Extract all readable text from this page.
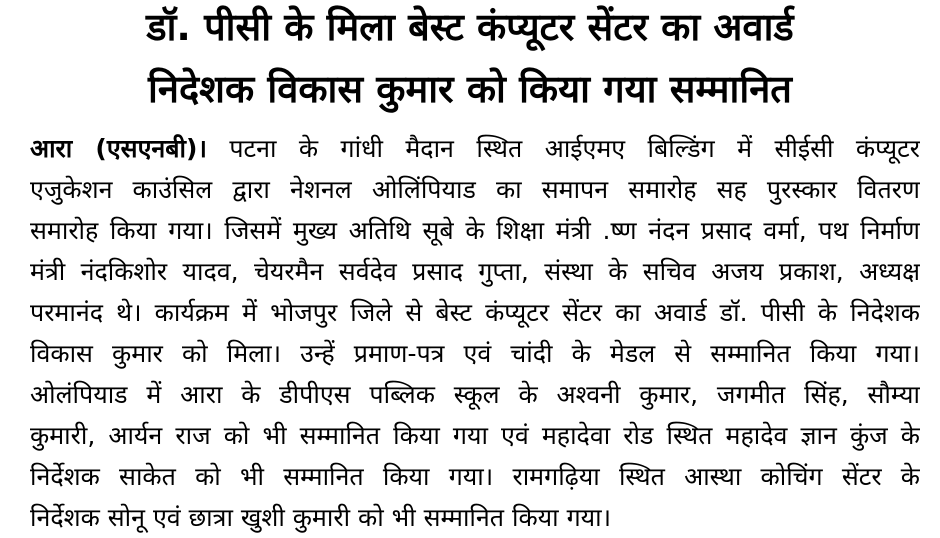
डॉ. पीसी के मिला बेस्ट कंप्यूटर सेंटर का अवार्ड
निदेशक विकास कुमार को किया गया सम्मानित
आरा (एसएनबी)। पटना के गांधी मैदान स्थित आईएमए बिल्डिंग में सीईसी कंप्यूटर
एजुकेशन काउंसिल द्वारा नेशनल ओलिंपियाड का समापन समारोह सह पुरस्कार वितरण
समारोह किया गया। जिसमें मुख्य अतिथि सूबे के शिक्षा मंत्री .ष्ण नंदन प्रसाद वर्मा, पथ निर्माण
मंत्री नंदकिशोर यादव, चेयरमैन सर्वदेव प्रसाद गुप्ता, संस्था के सचिव अजय प्रकाश, अध्यक्ष
परमानंद थे। कार्यक्रम में भोजपुर जिले से बेस्ट कंप्यूटर सेंटर का अवार्ड डॉ. पीसी के निदेशक
विकास कुमार को मिला। उन्हें प्रमाण-पत्र एवं चांदी के मेडल से सम्मानित किया गया।
ओलंपियाड में आरा के डीपीएस पब्लिक स्कूल के अश्वनी कुमार, जगमीत सिंह, सौम्या
कुमारी, आर्यन राज को भी सम्मानित किया गया एवं महादेवा रोड स्थित महादेव ज्ञान कुंज के
निर्देशक साकेत को भी सम्मानित किया गया। रामगढ़िया स्थित आस्था कोचिंग सेंटर के
निर्देशक सोनू एवं छात्रा खुशी कुमारी को भी सम्मानित किया गया।
